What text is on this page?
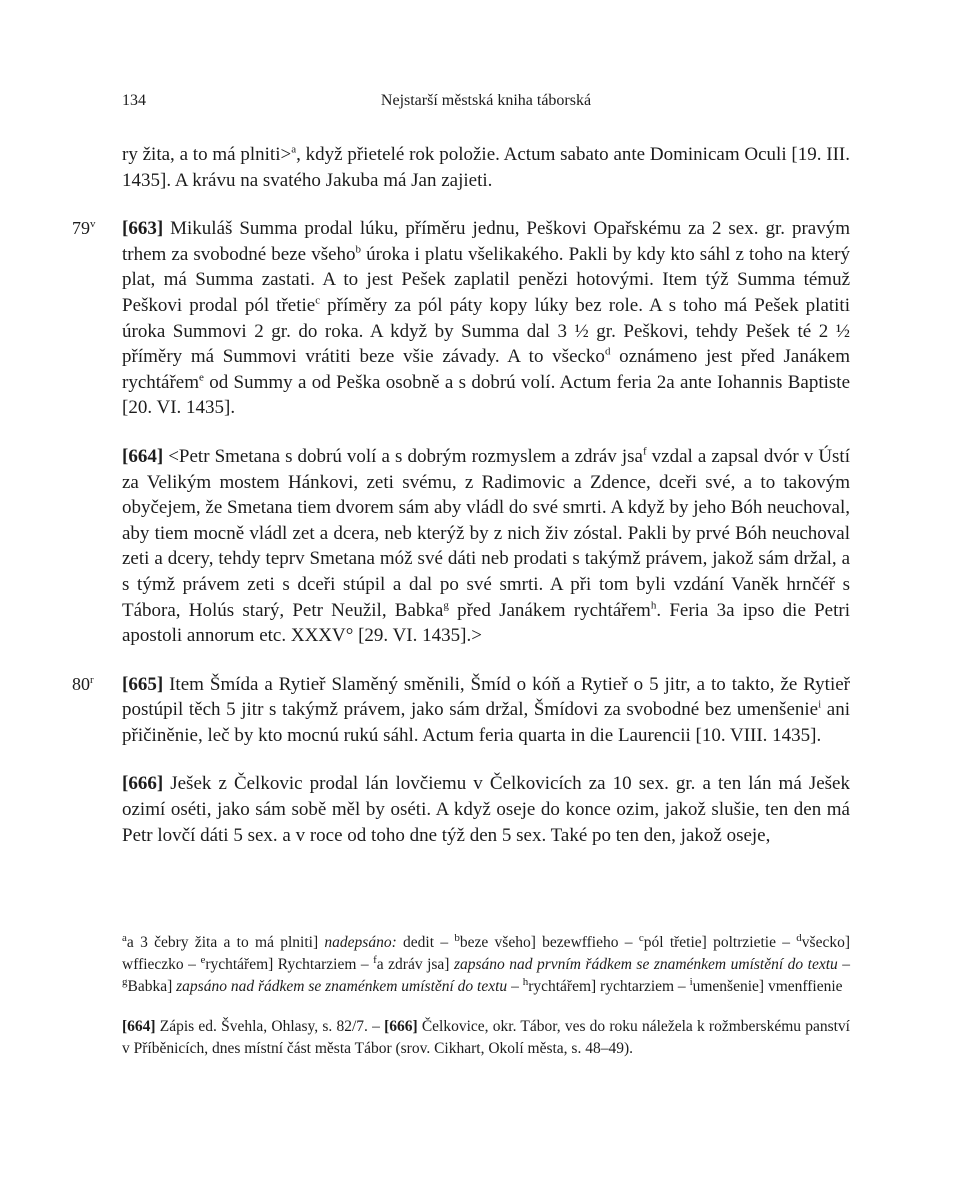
134	Nejstarší městská kniha táborská

ry žita, a to má plniti>$^a$, když přietelé rok položie. Actum sabato ante Dominicam Oculi [19. III. 1435]. A krávu na svatého Jakuba má Jan zajieti.

79$^v$ [663] Mikuláš Summa prodal lúku, příměru jednu, Peškovi Opařskému za 2 sex. gr. pravým trhem za svobodné beze všeho$^b$ úroka i platu všelikakého. Pakli by kdy kto sáhl z toho na který plat, má Summa zastati. A to jest Pešek zaplatil penězi hotovými. Item týž Summa témuž Peškovi prodal pól třetie$^c$ příměry za pól páty kopy lúky bez role. A s toho má Pešek platiti úroka Summovi 2 gr. do roka. A když by Summa dal 3 ½ gr. Peškovi, tehdy Pešek té 2 ½ příměry má Summovi vrátiti beze všie závady. A to všecko$^d$ oznámeno jest před Janákem rychtářem$^e$ od Summy a od Peška osobně a s dobrú volí. Actum feria 2a ante Iohannis Baptiste [20. VI. 1435].

[664] <Petr Smetana s dobrú volí a s dobrým rozmyslem a zdráv jsa$^f$ vzdal a zapsal dvór v Ústí za Velikým mostem Hánkovi, zeti svému, z Radimovic a Zdence, dceři své, a to takovým obyčejem, že Smetana tiem dvorem sám aby vládl do své smrti. A když by jeho Bóh neuchoval, aby tiem mocně vládl zet a dcera, neb kterýž by z nich živ zóstal. Pakli by prvé Bóh neuchoval zeti a dcery, tehdy teprv Smetana móž své dáti neb prodati s takýmž právem, jakož sám držal, a s týmž právem zeti s dceři stúpil a dal po své smrti. A při tom byli vzdání Vaněk hrnčéř s Tábora, Holús starý, Petr Neužil, Babka$^g$ před Janákem rychtářem$^h$. Feria 3a ipso die Petri apostoli annorum etc. XXXV° [29. VI. 1435].>

80$^r$ [665] Item Šmída a Rytieř Slaměný směnili, Šmíd o kóň a Rytieř o 5 jitr, a to takto, že Rytieř postúpil těch 5 jitr s takýmž právem, jako sám držal, Šmídovi za svobodné bez umenšenie$^i$ ani přičiněnie, leč by kto mocnú rukú sáhl. Actum feria quarta in die Laurencii [10. VIII. 1435].

[666] Ješek z Čelkovic prodal lán lovčiemu v Čelkovicích za 10 sex. gr. a ten lán má Ješek ozimí oséti, jako sám sobě měl by oséti. A když oseje do konce ozim, jakož slušie, ten den má Petr lovčí dáti 5 sex. a v roce od toho dne týž den 5 sex. Také po ten den, jakož oseje,

$^a$a 3 čebry žita a to má plniti] nadepsáno: dedit – $^b$beze všeho] bezewffieho – $^c$pól třetie] poltrzietie – $^d$všecko] wffieczko – $^e$rychtářem] Rychtarziem – $^f$a zdráv jsa] zapsáno nad prvním řádkem se znaménkem umístění do textu – $^g$Babka] zapsáno nad řádkem se znaménkem umístění do textu – $^h$rychtářem] rychtarziem – $^i$umenšenie] vmenffienie

[664] Zápis ed. Švehla, Ohlasy, s. 82/7. – [666] Čelkovice, okr. Tábor, ves do roku náležela k rožmberskému panství v Příběnicích, dnes místní část města Tábor (srov. Cikhart, Okolí města, s. 48–49).
